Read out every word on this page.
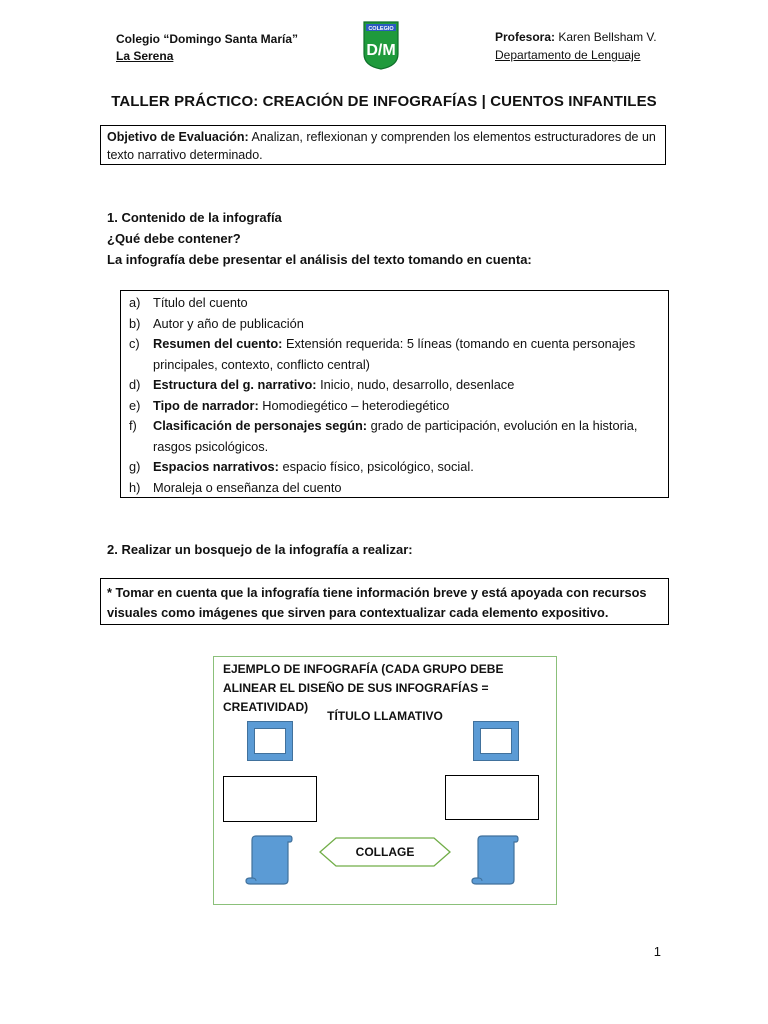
Colegio “Domingo Santa María”
La Serena
COLEGIO
D/M
Profesora: Karen Bellsham V.
Departamento de Lenguaje
TALLER PRÁCTICO: CREACIÓN DE INFOGRAFÍAS | CUENTOS INFANTILES
Objetivo de Evaluación: Analizan, reflexionan y comprenden los elementos estructuradores de un texto narrativo determinado.
1. Contenido de la infografía
¿Qué debe contener?
La infografía debe presentar el análisis del texto tomando en cuenta:
a) Título del cuento
b) Autor y año de publicación
c)	Resumen del cuento: Extensión requerida: 5 líneas (tomando en cuenta personajes principales, contexto, conflicto central)
d) Estructura del g. narrativo: Inicio, nudo, desarrollo, desenlace
e) Tipo de narrador: Homodiegético – heterodiegético
f)	Clasificación de personajes según: grado de participación, evolución en la historia, rasgos psicológicos.
g) Espacios narrativos: espacio físico, psicológico, social.
h) Moraleja o enseñanza del cuento
2. Realizar un bosquejo de la infografía a realizar:
* Tomar en cuenta que la infografía tiene información breve y está apoyada con recursos visuales como imágenes que sirven para contextualizar cada elemento expositivo.
EJEMPLO DE INFOGRAFÍA (CADA GRUPO DEBE ALINEAR EL DISEÑO DE SUS INFOGRAFÍAS = CREATIVIDAD)
TÍTULO LLAMATIVO
COLLAGE
1
